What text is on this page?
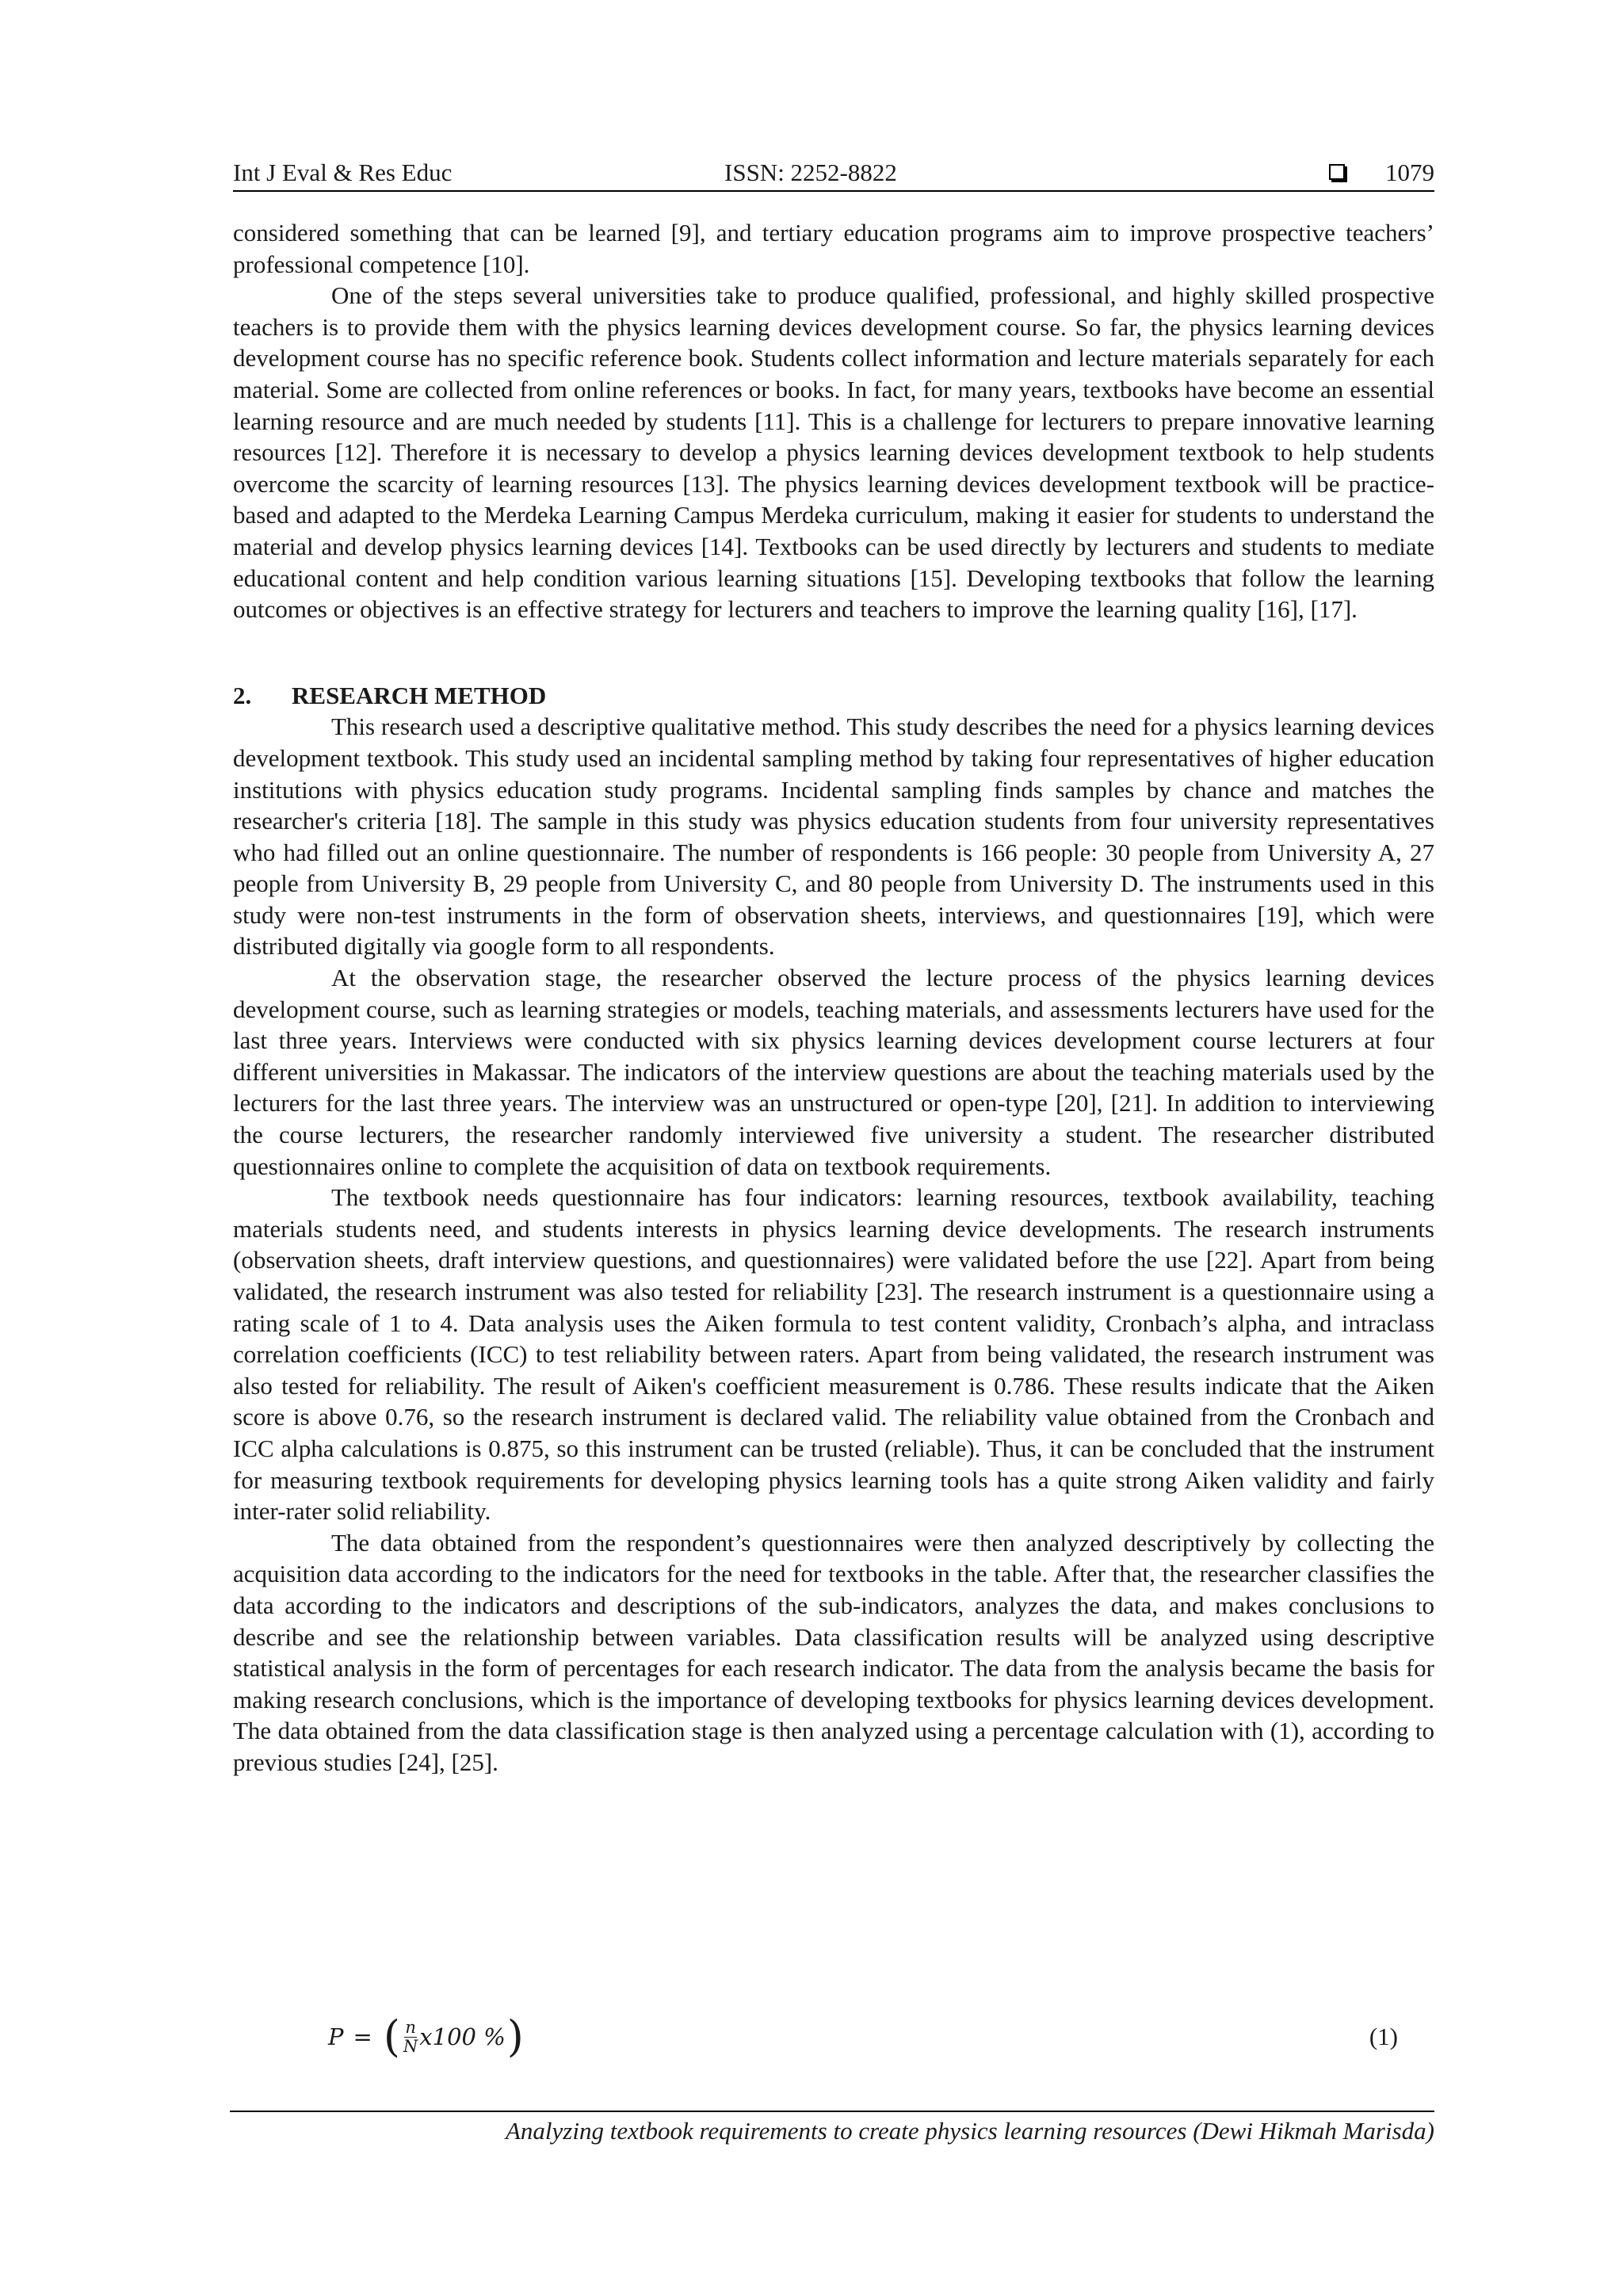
Int J Eval & Res Educ	ISSN: 2252-8822	1079

considered something that can be learned [9], and tertiary education programs aim to improve prospective teachers’ professional competence [10].

One of the steps several universities take to produce qualified, professional, and highly skilled prospective teachers is to provide them with the physics learning devices development course. So far, the physics learning devices development course has no specific reference book. Students collect information and lecture materials separately for each material. Some are collected from online references or books. In fact, for many years, textbooks have become an essential learning resource and are much needed by students [11]. This is a challenge for lecturers to prepare innovative learning resources [12]. Therefore it is necessary to develop a physics learning devices development textbook to help students overcome the scarcity of learning resources [13]. The physics learning devices development textbook will be practice-based and adapted to the Merdeka Learning Campus Merdeka curriculum, making it easier for students to understand the material and develop physics learning devices [14]. Textbooks can be used directly by lecturers and students to mediate educational content and help condition various learning situations [15]. Developing textbooks that follow the learning outcomes or objectives is an effective strategy for lecturers and teachers to improve the learning quality [16], [17].

2. RESEARCH METHOD

This research used a descriptive qualitative method. This study describes the need for a physics learning devices development textbook. This study used an incidental sampling method by taking four representatives of higher education institutions with physics education study programs. Incidental sampling finds samples by chance and matches the researcher's criteria [18]. The sample in this study was physics education students from four university representatives who had filled out an online questionnaire. The number of respondents is 166 people: 30 people from University A, 27 people from University B, 29 people from University C, and 80 people from University D. The instruments used in this study were non-test instruments in the form of observation sheets, interviews, and questionnaires [19], which were distributed digitally via google form to all respondents.

At the observation stage, the researcher observed the lecture process of the physics learning devices development course, such as learning strategies or models, teaching materials, and assessments lecturers have used for the last three years. Interviews were conducted with six physics learning devices development course lecturers at four different universities in Makassar. The indicators of the interview questions are about the teaching materials used by the lecturers for the last three years. The interview was an unstructured or open-type [20], [21]. In addition to interviewing the course lecturers, the researcher randomly interviewed five university a student. The researcher distributed questionnaires online to complete the acquisition of data on textbook requirements.

The textbook needs questionnaire has four indicators: learning resources, textbook availability, teaching materials students need, and students interests in physics learning device developments. The research instruments (observation sheets, draft interview questions, and questionnaires) were validated before the use [22]. Apart from being validated, the research instrument was also tested for reliability [23]. The research instrument is a questionnaire using a rating scale of 1 to 4. Data analysis uses the Aiken formula to test content validity, Cronbach’s alpha, and intraclass correlation coefficients (ICC) to test reliability between raters. Apart from being validated, the research instrument was also tested for reliability. The result of Aiken's coefficient measurement is 0.786. These results indicate that the Aiken score is above 0.76, so the research instrument is declared valid. The reliability value obtained from the Cronbach and ICC alpha calculations is 0.875, so this instrument can be trusted (reliable). Thus, it can be concluded that the instrument for measuring textbook requirements for developing physics learning tools has a quite strong Aiken validity and fairly inter-rater solid reliability.

The data obtained from the respondent’s questionnaires were then analyzed descriptively by collecting the acquisition data according to the indicators for the need for textbooks in the table. After that, the researcher classifies the data according to the indicators and descriptions of the sub-indicators, analyzes the data, and makes conclusions to describe and see the relationship between variables. Data classification results will be analyzed using descriptive statistical analysis in the form of percentages for each research indicator. The data from the analysis became the basis for making research conclusions, which is the importance of developing textbooks for physics learning devices development. The data obtained from the data classification stage is then analyzed using a percentage calculation with (1), according to previous studies [24], [25].

P = ( $\frac{n}{N} x100$ % )	(1)
Analyzing textbook requirements to create physics learning resources (Dewi Hikmah Marisda)
